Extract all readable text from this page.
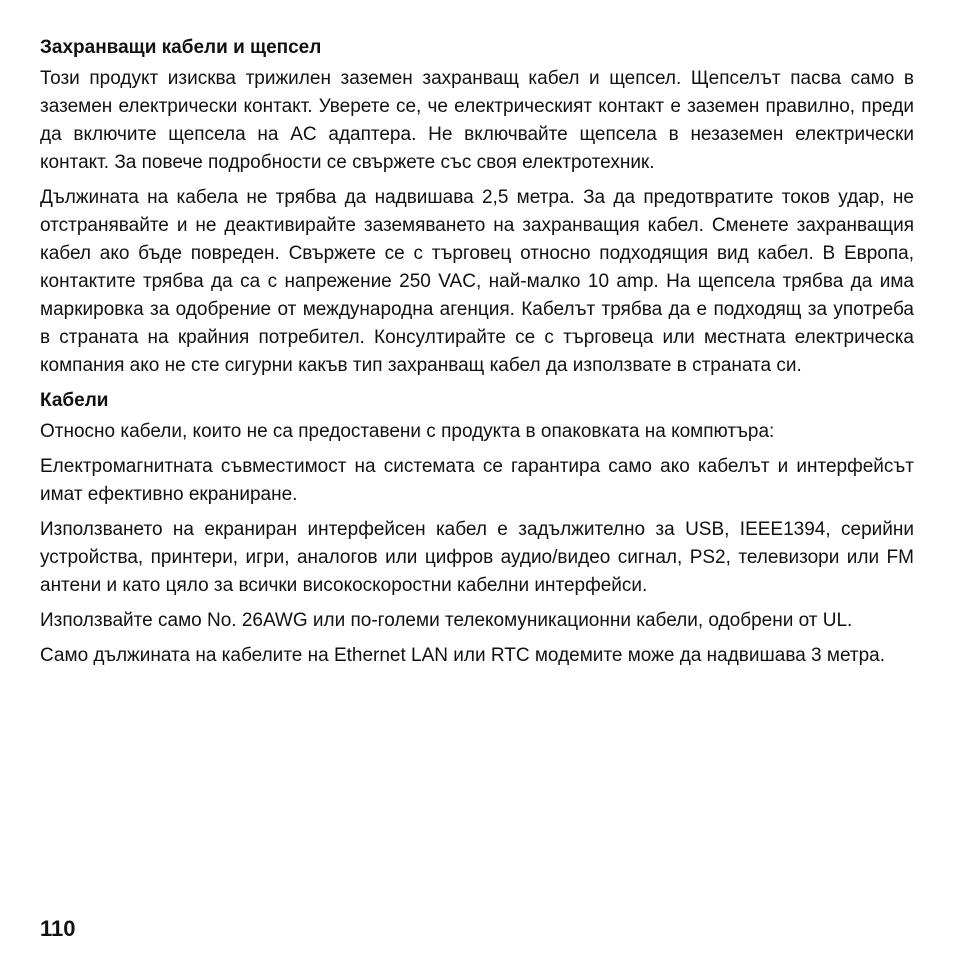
Захранващи кабели и щепсел

Този продукт изисква трижилен заземен захранващ кабел и щепсел. Щепселът пасва само в заземен електрически контакт. Уверете се, че електрическият контакт е заземен правилно, преди да включите щепсела на AC адаптера. Не включвайте щепсела в незаземен електрически контакт. За повече подробности се свържете със своя електротехник.

Дължината на кабела не трябва да надвишава 2,5 метра. За да предотвратите токов удар, не отстранявайте и не деактивирайте заземяването на захранващия кабел. Сменете захранващия кабел ако бъде повреден. Свържете се с търговец относно подходящия вид кабел. В Европа, контактите трябва да са с напрежение 250 VAC, най-малко 10 amp. На щепсела трябва да има маркировка за одобрение от международна агенция. Кабелът трябва да е подходящ за употреба в страната на крайния потребител. Консултирайте се с търговеца или местната електрическа компания ако не сте сигурни какъв тип захранващ кабел да използвате в страната си.

Кабели

Относно кабели, които не са предоставени с продукта в опаковката на компютъра:

Електромагнитната съвместимост на системата се гарантира само ако кабелът и интерфейсът имат ефективно екраниране.

Използването на екраниран интерфейсен кабел е задължително за USB, IEEE1394, серийни устройства, принтери, игри, аналогов или цифров аудио/видео сигнал, PS2, телевизори или FM антени и като цяло за всички високоскоростни кабелни интерфейси.

Използвайте само No. 26AWG или по-големи телекомуникационни кабели, одобрени от UL.

Само дължината на кабелите на Ethernet LAN или RTC модемите може да надвишава 3 метра.

110
